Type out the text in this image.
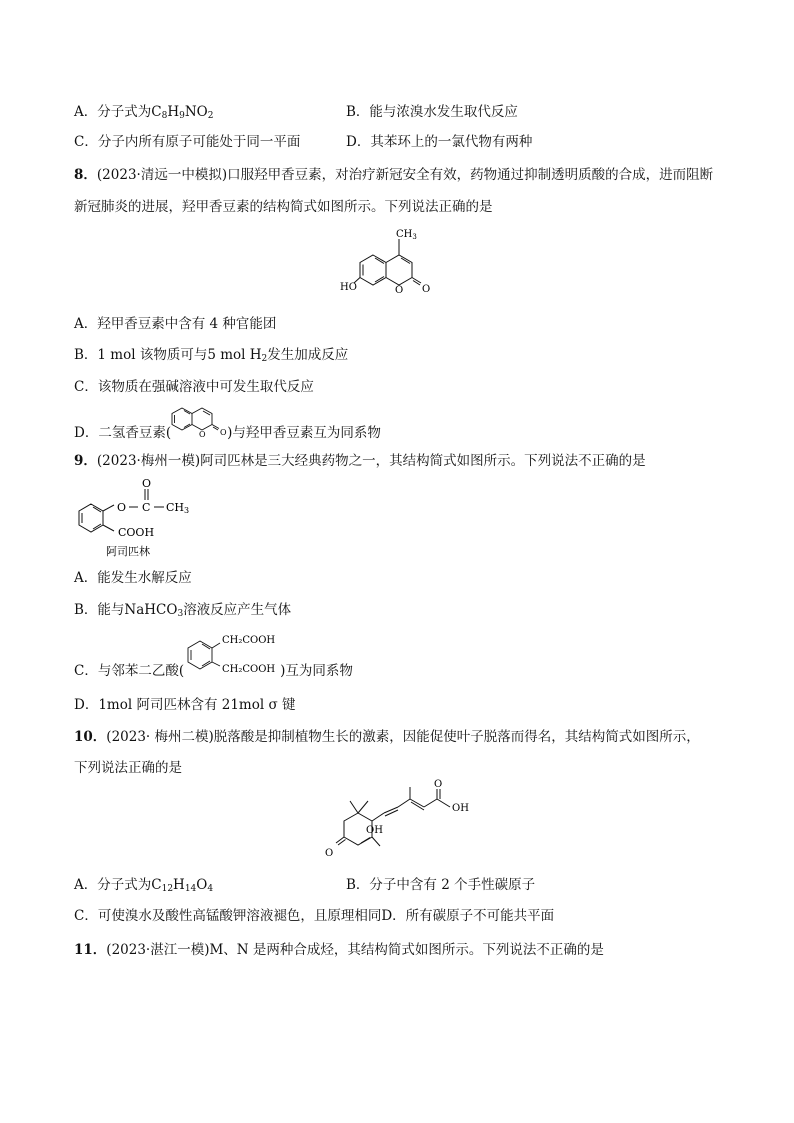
A．分子式为$C_8H_9NO_2$	B．能与浓溴水发生取代反应
C．分子内所有原子可能处于同一平面	D．其苯环上的一氯代物有两种
8．(2023·清远一中模拟)口服羟甲香豆素，对治疗新冠安全有效，药物通过抑制透明质酸的合成，进而阻断
新冠肺炎的进展，羟甲香豆素的结构简式如图所示。下列说法正确的是
$CH_3$
HO	O O
A．羟甲香豆素中含有 4 种官能团
B．1 mol 该物质可与5 mol $H_2$发生加成反应
C．该物质在强碱溶液中可发生取代反应
D．二氢香豆素(	)与羟甲香豆素互为同系物
O O
9．(2023·梅州一模)阿司匹林是三大经典药物之一，其结构简式如图所示。下列说法不正确的是
O C
O
CH3
COOH
阿司匹林
A．能发生水解反应
B．能与NaHCO$_3$溶液反应产生气体
C．与邻苯二乙酸(	)互为同系物
CH₂COOH
CH₂COOH
D．1mol 阿司匹林含有 21mol σ 键
10．(2023· 梅州二模)脱落酸是抑制植物生长的激素，因能促使叶子脱落而得名，其结构简式如图所示，
下列说法正确的是
O
OH
O
OH
A．分子式为$C_{12}H_{14}O_4$	B．分子中含有 2 个手性碳原子
C．可使溴水及酸性高锰酸钾溶液褪色，且原理相同D．所有碳原子不可能共平面
11．(2023·湛江一模)M、N 是两种合成烃，其结构简式如图所示。下列说法不正确的是
